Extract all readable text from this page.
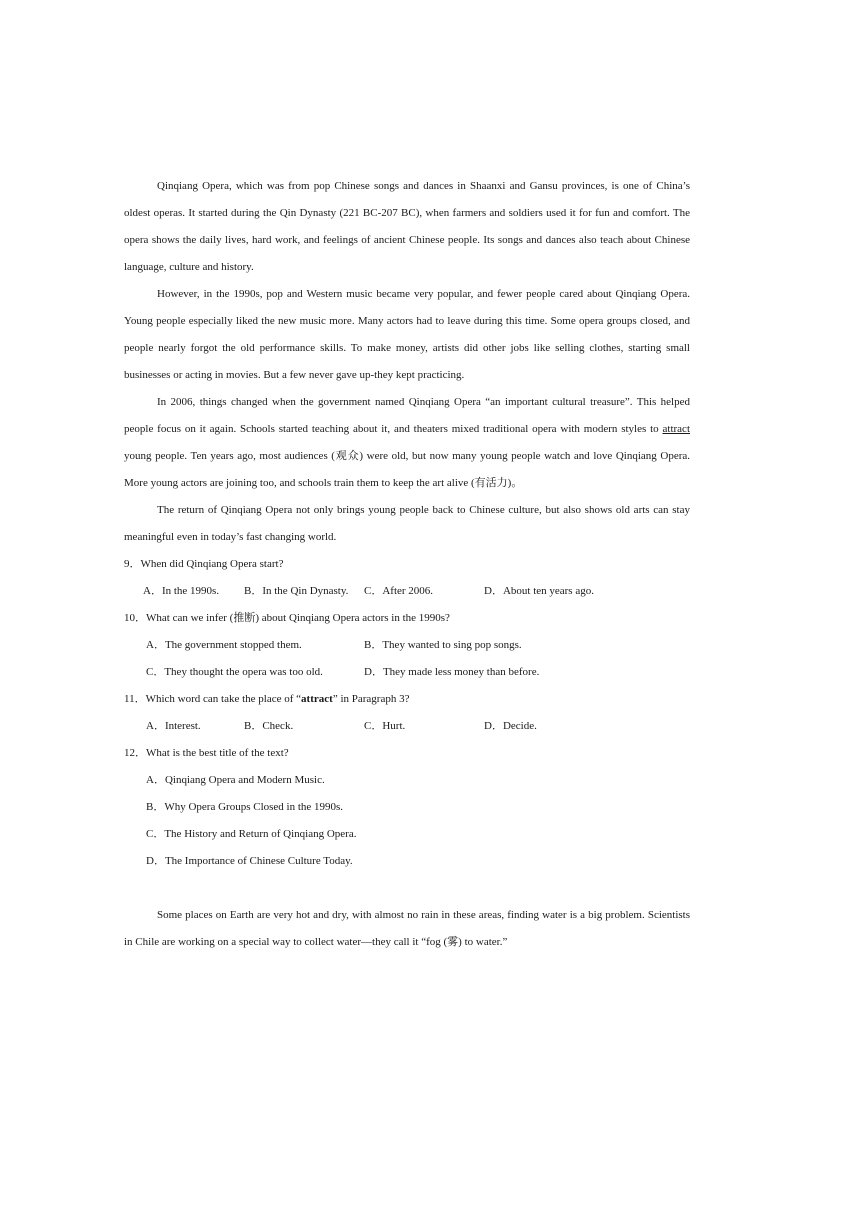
Qinqiang Opera, which was from pop Chinese songs and dances in Shaanxi and Gansu provinces, is one of China’s oldest operas. It started during the Qin Dynasty (221 BC-207 BC), when farmers and soldiers used it for fun and comfort. The opera shows the daily lives, hard work, and feelings of ancient Chinese people. Its songs and dances also teach about Chinese language, culture and history.

However, in the 1990s, pop and Western music became very popular, and fewer people cared about Qinqiang Opera. Young people especially liked the new music more. Many actors had to leave during this time. Some opera groups closed, and people nearly forgot the old performance skills. To make money, artists did other jobs like selling clothes, starting small businesses or acting in movies. But a few never gave up-they kept practicing.

In 2006, things changed when the government named Qinqiang Opera “an important cultural treasure”. This helped people focus on it again. Schools started teaching about it, and theaters mixed traditional opera with modern styles to attract young people. Ten years ago, most audiences (观众) were old, but now many young people watch and love Qinqiang Opera. More young actors are joining too, and schools train them to keep the art alive (有活力)。

The return of Qinqiang Opera not only brings young people back to Chinese culture, but also shows old arts can stay meaningful even in today’s fast changing world.

9．When did Qinqiang Opera start?

A．In the 1990s. B．In the Qin Dynasty. C．After 2006.	D．About ten years ago.

10．What can we infer (推断) about Qinqiang Opera actors in the 1990s?

A．The government stopped them.	B．They wanted to sing pop songs.
C．They thought the opera was too old.	D．They made less money than before.

11．Which word can take the place of “attract” in Paragraph 3?

A．Interest.	B．Check.	C．Hurt.	D．Decide.

12．What is the best title of the text?

A．Qinqiang Opera and Modern Music.

B．Why Opera Groups Closed in the 1990s.

C．The History and Return of Qinqiang Opera.

D．The Importance of Chinese Culture Today.

Some places on Earth are very hot and dry, with almost no rain in these areas, finding water is a big problem. Scientists in Chile are working on a special way to collect water—they call it “fog (雾) to water.”
